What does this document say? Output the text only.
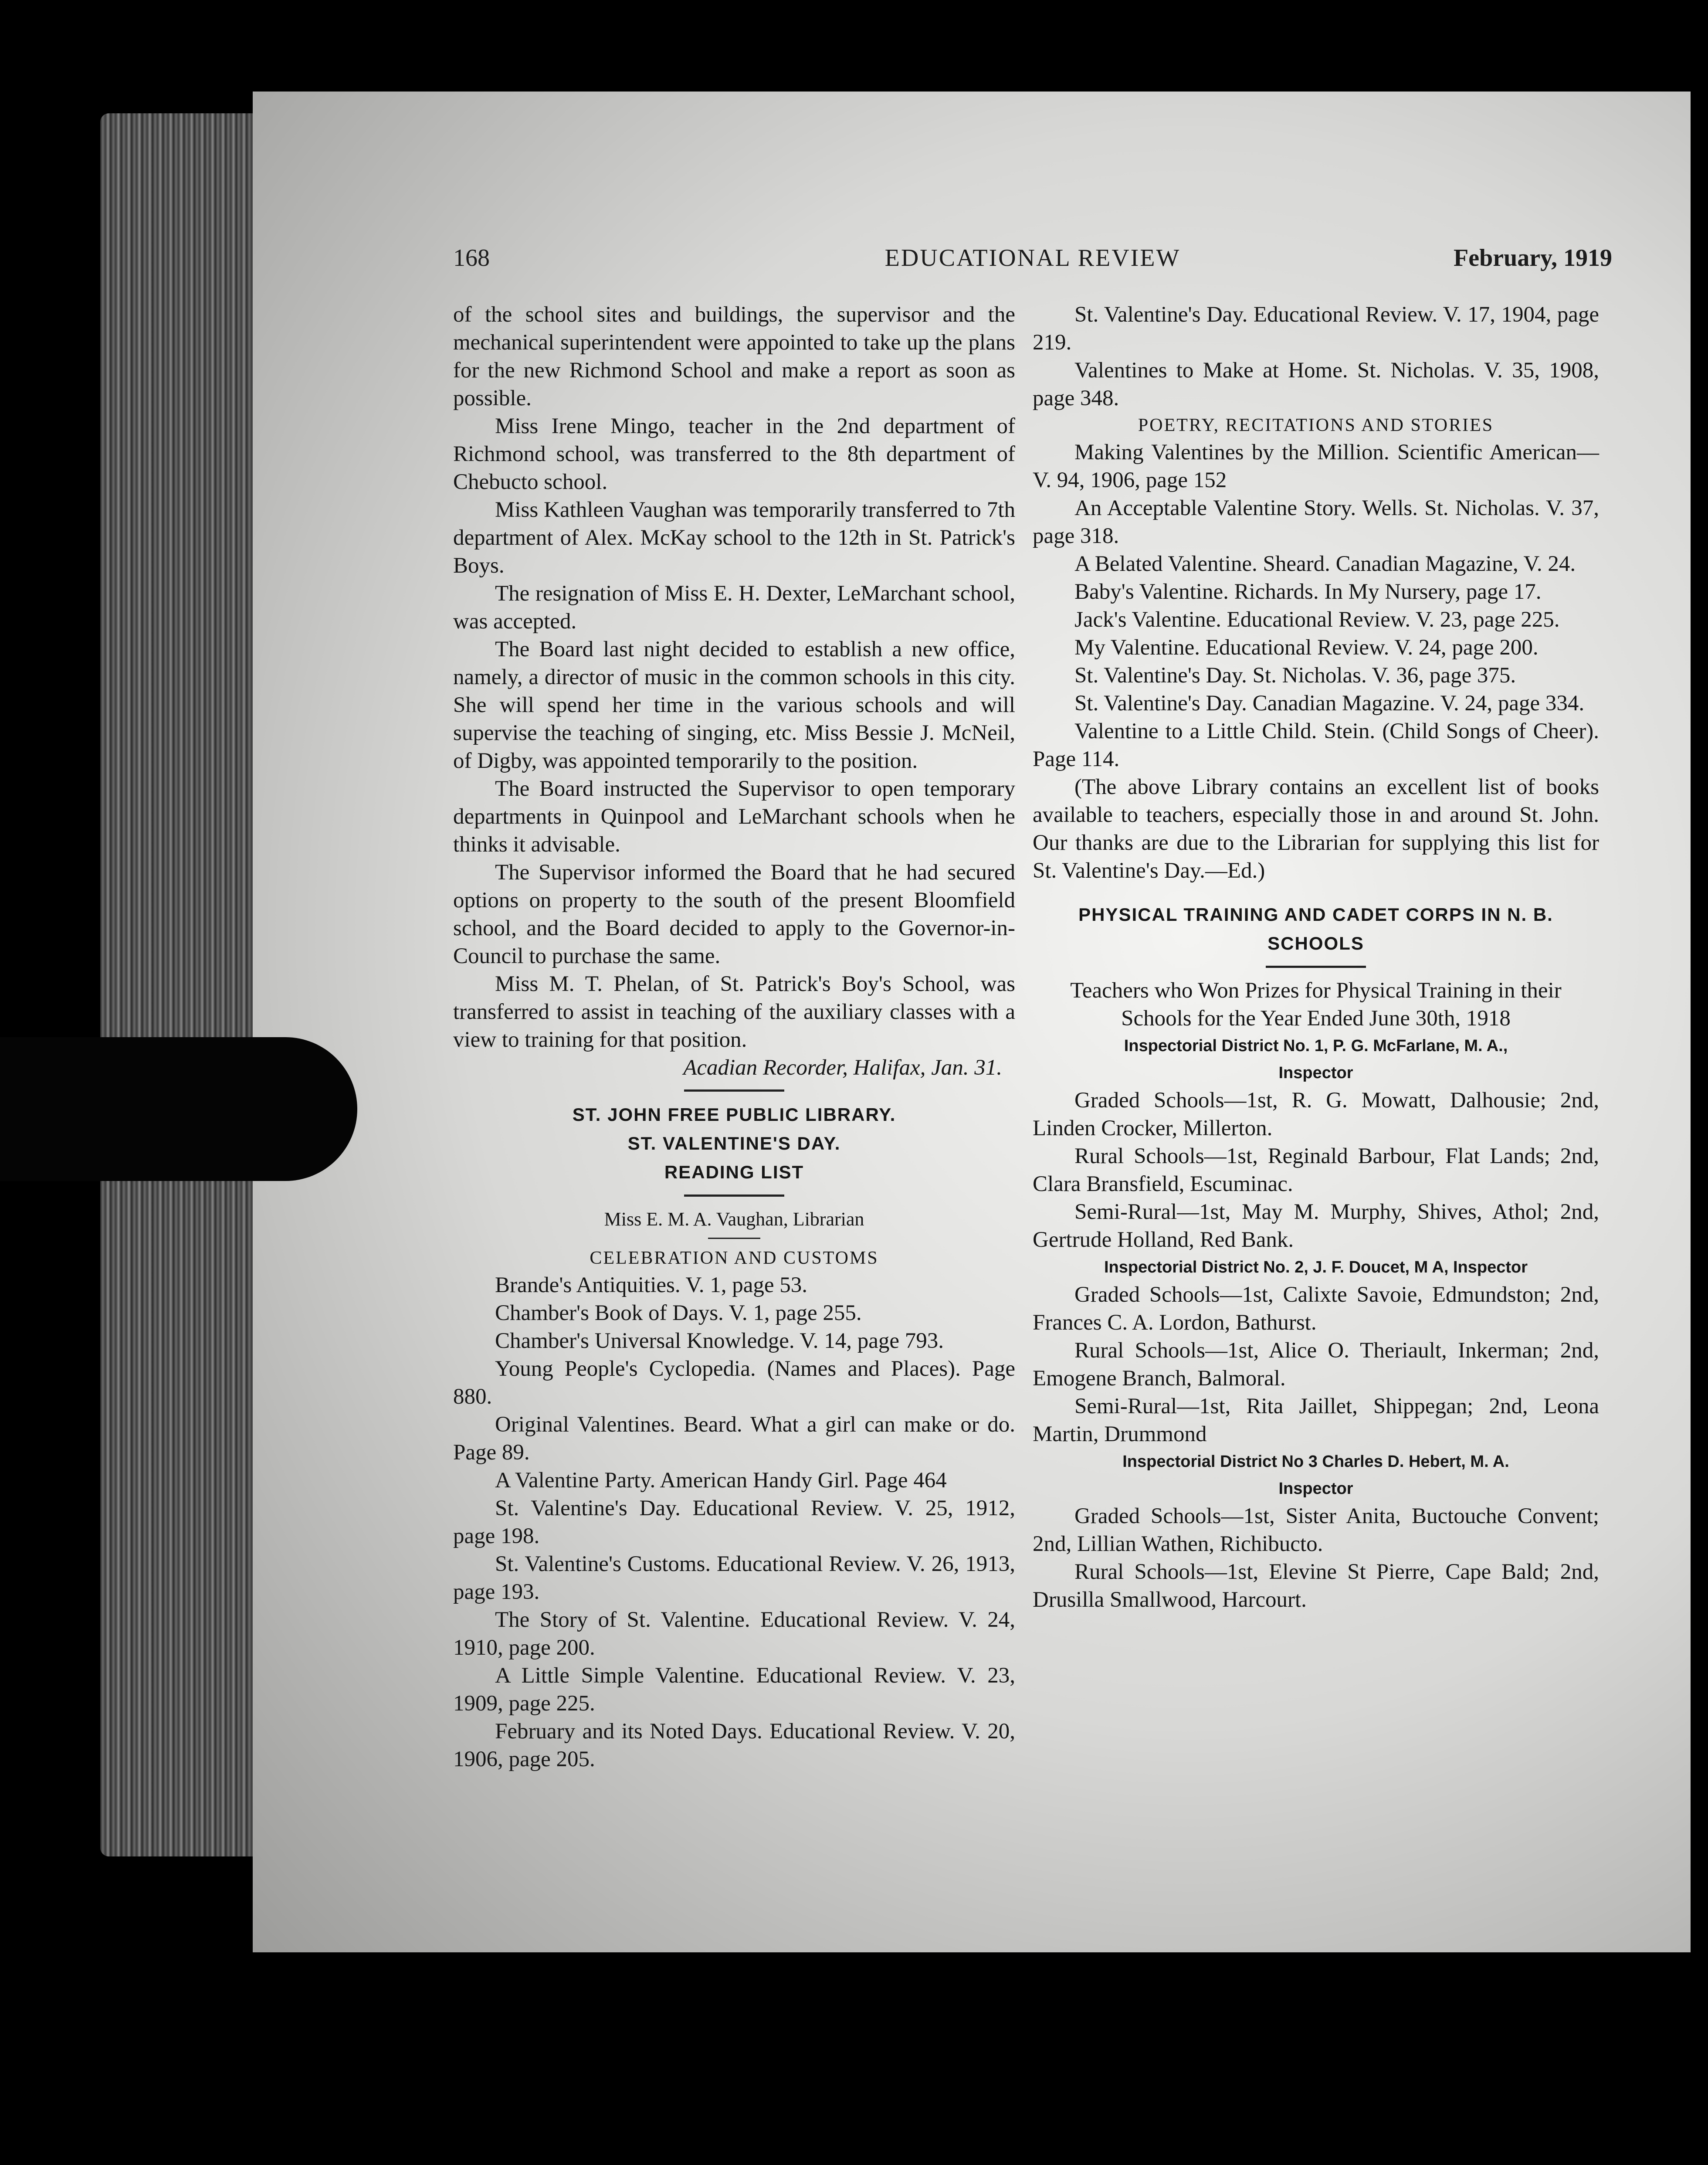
168	EDUCATIONAL REVIEW	February, 1919

of the school sites and buildings, the supervisor and the mechanical superintendent were appointed to take up the plans for the new Richmond School and make a report as soon as possible.

Miss Irene Mingo, teacher in the 2nd department of Richmond school, was transferred to the 8th department of Chebucto school.

Miss Kathleen Vaughan was temporarily transferred to 7th department of Alex. McKay school to the 12th in St. Patrick's Boys.

The resignation of Miss E. H. Dexter, LeMarchant school, was accepted.

The Board last night decided to establish a new office, namely, a director of music in the common schools in this city. She will spend her time in the various schools and will supervise the teaching of singing, etc. Miss Bessie J. McNeil, of Digby, was appointed temporarily to the position.

The Board instructed the Supervisor to open temporary departments in Quinpool and LeMarchant schools when he thinks it advisable.

The Supervisor informed the Board that he had secured options on property to the south of the present Bloomfield school, and the Board decided to apply to the Governor-in-Council to purchase the same.

Miss M. T. Phelan, of St. Patrick's Boy's School, was transferred to assist in teaching of the auxiliary classes with a view to training for that position.

Acadian Recorder, Halifax, Jan. 31.

ST. JOHN FREE PUBLIC LIBRARY.

ST. VALENTINE'S DAY.

READING LIST

Miss E. M. A. Vaughan, Librarian

CELEBRATION AND CUSTOMS

Brande's Antiquities. V. 1, page 53.

Chamber's Book of Days. V. 1, page 255.

Chamber's Universal Knowledge. V. 14, page 793.

Young People's Cyclopedia. (Names and Places). Page 880.

Original Valentines. Beard. What a girl can make or do. Page 89.

A Valentine Party. American Handy Girl. Page 464

St. Valentine's Day. Educational Review. V. 25, 1912, page 198.

St. Valentine's Customs. Educational Review. V. 26, 1913, page 193.

The Story of St. Valentine. Educational Review. V. 24, 1910, page 200.

A Little Simple Valentine. Educational Review. V. 23, 1909, page 225.

February and its Noted Days. Educational Review. V. 20, 1906, page 205.

St. Valentine's Day. Educational Review. V. 17, 1904, page 219.

Valentines to Make at Home. St. Nicholas. V. 35, 1908, page 348.

POETRY, RECITATIONS AND STORIES

Making Valentines by the Million. Scientific American—V. 94, 1906, page 152

An Acceptable Valentine Story. Wells. St. Nicholas. V. 37, page 318.

A Belated Valentine. Sheard. Canadian Magazine, V. 24.

Baby's Valentine. Richards. In My Nursery, page 17.

Jack's Valentine. Educational Review. V. 23, page 225.

My Valentine. Educational Review. V. 24, page 200.

St. Valentine's Day. St. Nicholas. V. 36, page 375.

St. Valentine's Day. Canadian Magazine. V. 24, page 334.

Valentine to a Little Child. Stein. (Child Songs of Cheer). Page 114.

(The above Library contains an excellent list of books available to teachers, especially those in and around St. John. Our thanks are due to the Librarian for supplying this list for St. Valentine's Day.—Ed.)

PHYSICAL TRAINING AND CADET CORPS IN N. B.

SCHOOLS

Teachers who Won Prizes for Physical Training in their Schools for the Year Ended June 30th, 1918

Inspectorial District No. 1, P. G. McFarlane, M. A.,

Inspector

Graded Schools—1st, R. G. Mowatt, Dalhousie; 2nd, Linden Crocker, Millerton.

Rural Schools—1st, Reginald Barbour, Flat Lands; 2nd, Clara Bransfield, Escuminac.

Semi-Rural—1st, May M. Murphy, Shives, Athol; 2nd, Gertrude Holland, Red Bank.

Inspectorial District No. 2, J. F. Doucet, M A, Inspector

Graded Schools—1st, Calixte Savoie, Edmundston; 2nd, Frances C. A. Lordon, Bathurst.

Rural Schools—1st, Alice O. Theriault, Inkerman; 2nd, Emogene Branch, Balmoral.

Semi-Rural—1st, Rita Jaillet, Shippegan; 2nd, Leona Martin, Drummond

Inspectorial District No 3 Charles D. Hebert, M. A.

Inspector

Graded Schools—1st, Sister Anita, Buctouche Convent; 2nd, Lillian Wathen, Richibucto.

Rural Schools—1st, Elevine St Pierre, Cape Bald; 2nd, Drusilla Smallwood, Harcourt.
